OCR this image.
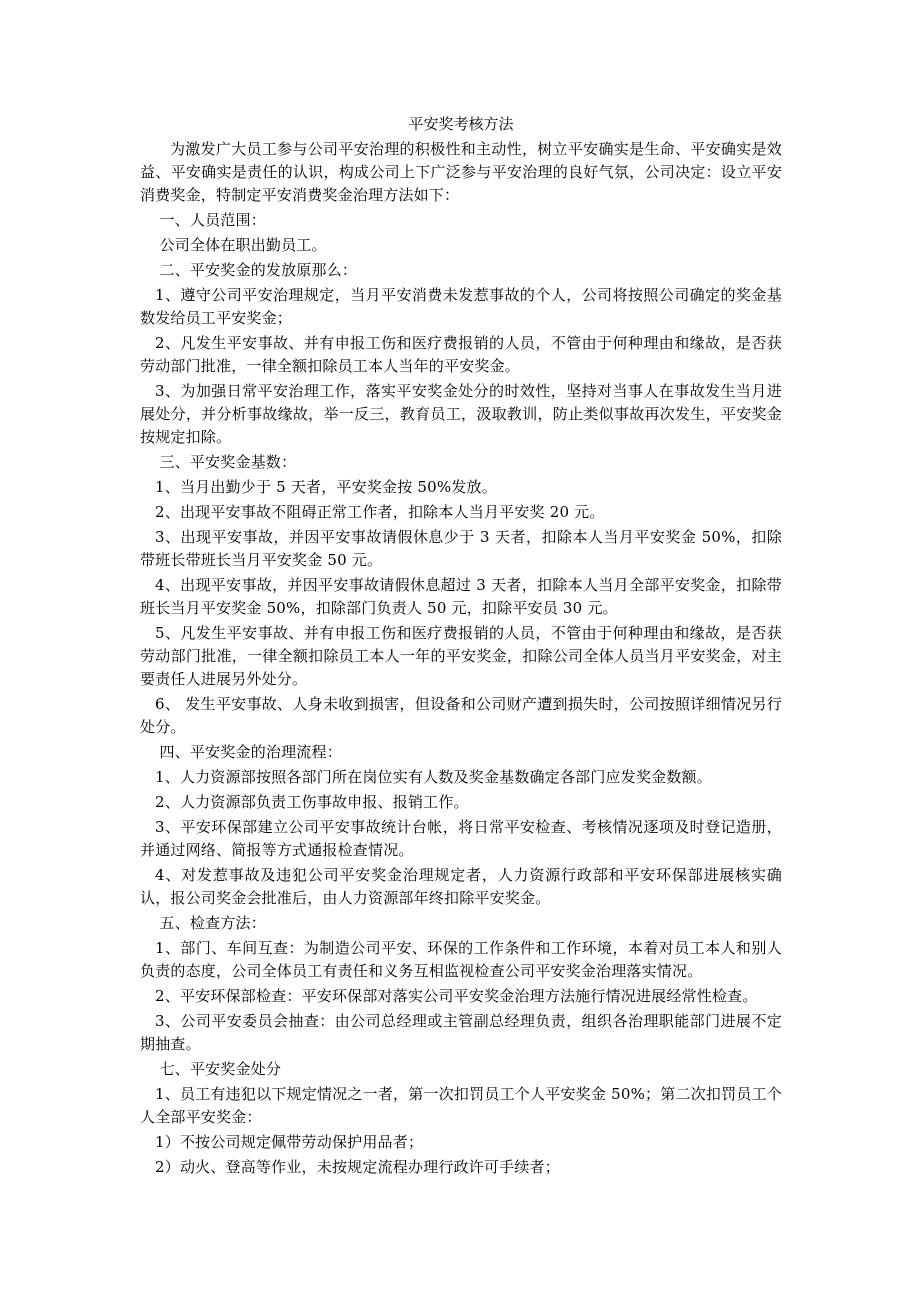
平安奖考核方法

为激发广大员工参与公司平安治理的积极性和主动性，树立平安确实是生命、平安确实是效益、平安确实是责任的认识，构成公司上下广泛参与平安治理的良好气氛，公司决定：设立平安消费奖金，特制定平安消费奖金治理方法如下：

一、人员范围：

公司全体在职出勤员工。

二、平安奖金的发放原那么：

1、遵守公司平安治理规定，当月平安消费未发惹事故的个人，公司将按照公司确定的奖金基数发给员工平安奖金；

2、凡发生平安事故、并有申报工伤和医疗费报销的人员，不管由于何种理由和缘故，是否获劳动部门批准，一律全额扣除员工本人当年的平安奖金。

3、为加强日常平安治理工作，落实平安奖金处分的时效性，坚持对当事人在事故发生当月进展处分，并分析事故缘故，举一反三，教育员工，汲取教训，防止类似事故再次发生，平安奖金按规定扣除。

三、平安奖金基数：

1、当月出勤少于 5 天者，平安奖金按 50%发放。

2、出现平安事故不阻碍正常工作者，扣除本人当月平安奖 20 元。

3、出现平安事故，并因平安事故请假休息少于 3 天者，扣除本人当月平安奖金 50%，扣除带班长带班长当月平安奖金 50 元。

4、出现平安事故，并因平安事故请假休息超过 3 天者，扣除本人当月全部平安奖金，扣除带班长当月平安奖金 50%，扣除部门负责人 50 元，扣除平安员 30 元。

5、凡发生平安事故、并有申报工伤和医疗费报销的人员，不管由于何种理由和缘故，是否获劳动部门批准，一律全额扣除员工本人一年的平安奖金，扣除公司全体人员当月平安奖金，对主要责任人进展另外处分。

6、 发生平安事故、人身未收到损害，但设备和公司财产遭到损失时，公司按照详细情况另行处分。

四、平安奖金的治理流程：

1、人力资源部按照各部门所在岗位实有人数及奖金基数确定各部门应发奖金数额。

2、人力资源部负责工伤事故申报、报销工作。

3、平安环保部建立公司平安事故统计台帐，将日常平安检查、考核情况逐项及时登记造册，并通过网络、简报等方式通报检查情况。

4、对发惹事故及违犯公司平安奖金治理规定者，人力资源行政部和平安环保部进展核实确认，报公司奖金会批准后，由人力资源部年终扣除平安奖金。

五、检查方法：

1、部门、车间互查：为制造公司平安、环保的工作条件和工作环境，本着对员工本人和别人负责的态度，公司全体员工有责任和义务互相监视检查公司平安奖金治理落实情况。

2、平安环保部检查：平安环保部对落实公司平安奖金治理方法施行情况进展经常性检查。

3、公司平安委员会抽查：由公司总经理或主管副总经理负责，组织各治理职能部门进展不定期抽查。

七、平安奖金处分

1、员工有违犯以下规定情况之一者，第一次扣罚员工个人平安奖金 50%；第二次扣罚员工个人全部平安奖金：

1）不按公司规定佩带劳动保护用品者；

2）动火、登高等作业，未按规定流程办理行政许可手续者；
